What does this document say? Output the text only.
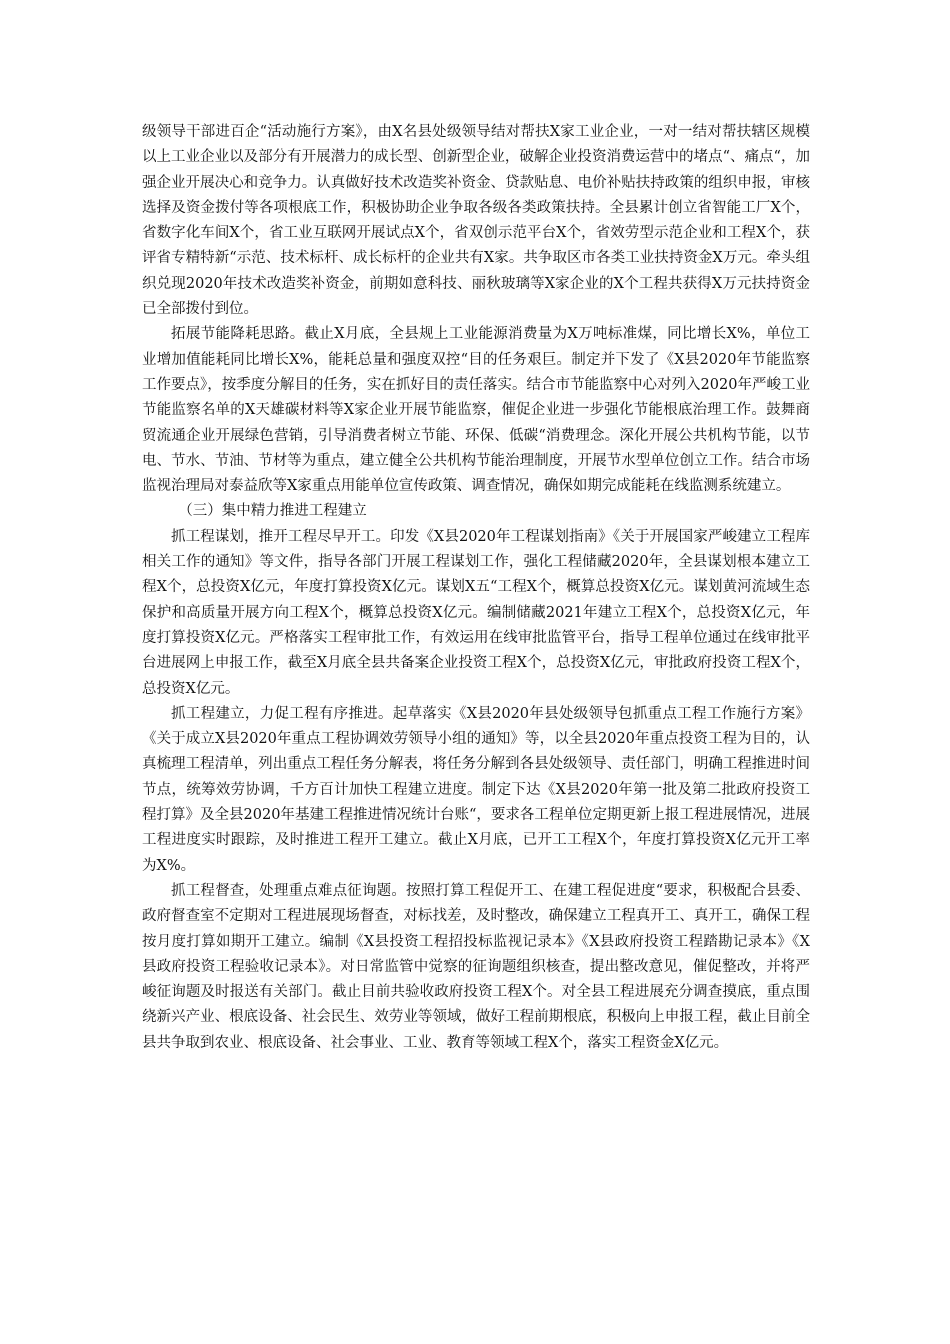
级领导干部进百企“活动施行方案》，由X名县处级领导结对帮扶X家工业企业，一对一结对帮扶辖区规模以上工业企业以及部分有开展潜力的成长型、创新型企业，破解企业投资消费运营中的堵点“、痛点“，加强企业开展决心和竞争力。认真做好技术改造奖补资金、贷款贴息、电价补贴扶持政策的组织申报，审核选择及资金拨付等各项根底工作，积极协助企业争取各级各类政策扶持。全县累计创立省智能工厂X个，省数字化车间X个，省工业互联网开展试点X个，省双创示范平台X个，省效劳型示范企业和工程X个，获评省专精特新“示范、技术标杆、成长标杆的企业共有X家。共争取区市各类工业扶持资金X万元。牵头组织兑现2020年技术改造奖补资金，前期如意科技、丽秋玻璃等X家企业的X个工程共获得X万元扶持资金已全部拨付到位。

拓展节能降耗思路。截止X月底，全县规上工业能源消费量为X万吨标准煤，同比增长X%，单位工业增加值能耗同比增长X%，能耗总量和强度双控“目的任务艰巨。制定并下发了《X县2020年节能监察工作要点》，按季度分解目的任务，实在抓好目的责任落实。结合市节能监察中心对列入2020年严峻工业节能监察名单的X天雄碳材料等X家企业开展节能监察，催促企业进一步强化节能根底治理工作。鼓舞商贸流通企业开展绿色营销，引导消费者树立节能、环保、低碳“消费理念。深化开展公共机构节能，以节电、节水、节油、节材等为重点，建立健全公共机构节能治理制度，开展节水型单位创立工作。结合市场监视治理局对泰益欣等X家重点用能单位宣传政策、调查情况，确保如期完成能耗在线监测系统建立。

（三）集中精力推进工程建立

抓工程谋划，推开工程尽早开工。印发《X县2020年工程谋划指南》《关于开展国家严峻建立工程库相关工作的通知》等文件，指导各部门开展工程谋划工作，强化工程储藏2020年，全县谋划根本建立工程X个，总投资X亿元，年度打算投资X亿元。谋划X五“工程X个，概算总投资X亿元。谋划黄河流域生态保护和高质量开展方向工程X个，概算总投资X亿元。编制储藏2021年建立工程X个，总投资X亿元，年度打算投资X亿元。严格落实工程审批工作，有效运用在线审批监管平台，指导工程单位通过在线审批平台进展网上申报工作，截至X月底全县共备案企业投资工程X个，总投资X亿元，审批政府投资工程X个，总投资X亿元。

抓工程建立，力促工程有序推进。起草落实《X县2020年县处级领导包抓重点工程工作施行方案》《关于成立X县2020年重点工程协调效劳领导小组的通知》等，以全县2020年重点投资工程为目的，认真梳理工程清单，列出重点工程任务分解表，将任务分解到各县处级领导、责任部门，明确工程推进时间节点，统筹效劳协调，千方百计加快工程建立进度。制定下达《X县2020年第一批及第二批政府投资工程打算》及全县2020年基建工程推进情况统计台账“，要求各工程单位定期更新上报工程进展情况，进展工程进度实时跟踪，及时推进工程开工建立。截止X月底，已开工工程X个，年度打算投资X亿元开工率为X%。

抓工程督查，处理重点难点征询题。按照打算工程促开工、在建工程促进度“要求，积极配合县委、政府督查室不定期对工程进展现场督查，对标找差，及时整改，确保建立工程真开工、真开工，确保工程按月度打算如期开工建立。编制《X县投资工程招投标监视记录本》《X县政府投资工程踏勘记录本》《X县政府投资工程验收记录本》。对日常监管中觉察的征询题组织核查，提出整改意见，催促整改，并将严峻征询题及时报送有关部门。截止目前共验收政府投资工程X个。对全县工程进展充分调查摸底，重点围绕新兴产业、根底设备、社会民生、效劳业等领域，做好工程前期根底，积极向上申报工程，截止目前全县共争取到农业、根底设备、社会事业、工业、教育等领域工程X个，落实工程资金X亿元。
